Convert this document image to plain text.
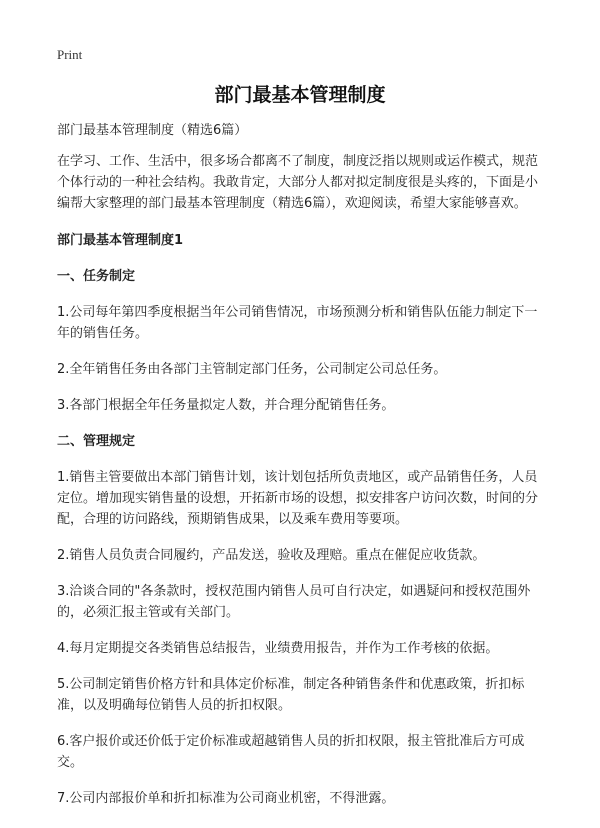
Print
部门最基本管理制度

部门最基本管理制度（精选6篇）

在学习、工作、生活中，很多场合都离不了制度，制度泛指以规则或运作模式，规范个体行动的一种社会结构。我敢肯定，大部分人都对拟定制度很是头疼的，下面是小编帮大家整理的部门最基本管理制度（精选6篇），欢迎阅读，希望大家能够喜欢。

部门最基本管理制度1

一、任务制定

1.公司每年第四季度根据当年公司销售情况，市场预测分析和销售队伍能力制定下一年的销售任务。

2.全年销售任务由各部门主管制定部门任务，公司制定公司总任务。

3.各部门根据全年任务量拟定人数，并合理分配销售任务。

二、管理规定

1.销售主管要做出本部门销售计划，该计划包括所负责地区，或产品销售任务，人员定位。增加现实销售量的设想，开拓新市场的设想，拟安排客户访问次数，时间的分配，合理的访问路线，预期销售成果，以及乘车费用等要项。

2.销售人员负责合同履约，产品发送，验收及理赔。重点在催促应收货款。

3.洽谈合同的"各条款时，授权范围内销售人员可自行决定，如遇疑问和授权范围外的，必须汇报主管或有关部门。

4.每月定期提交各类销售总结报告，业绩费用报告，并作为工作考核的依据。

5.公司制定销售价格方针和具体定价标准，制定各种销售条件和优惠政策，折扣标准，以及明确每位销售人员的折扣权限。

6.客户报价或还价低于定价标准或超越销售人员的折扣权限，报主管批准后方可成交。

7.公司内部报价单和折扣标准为公司商业机密，不得泄露。
